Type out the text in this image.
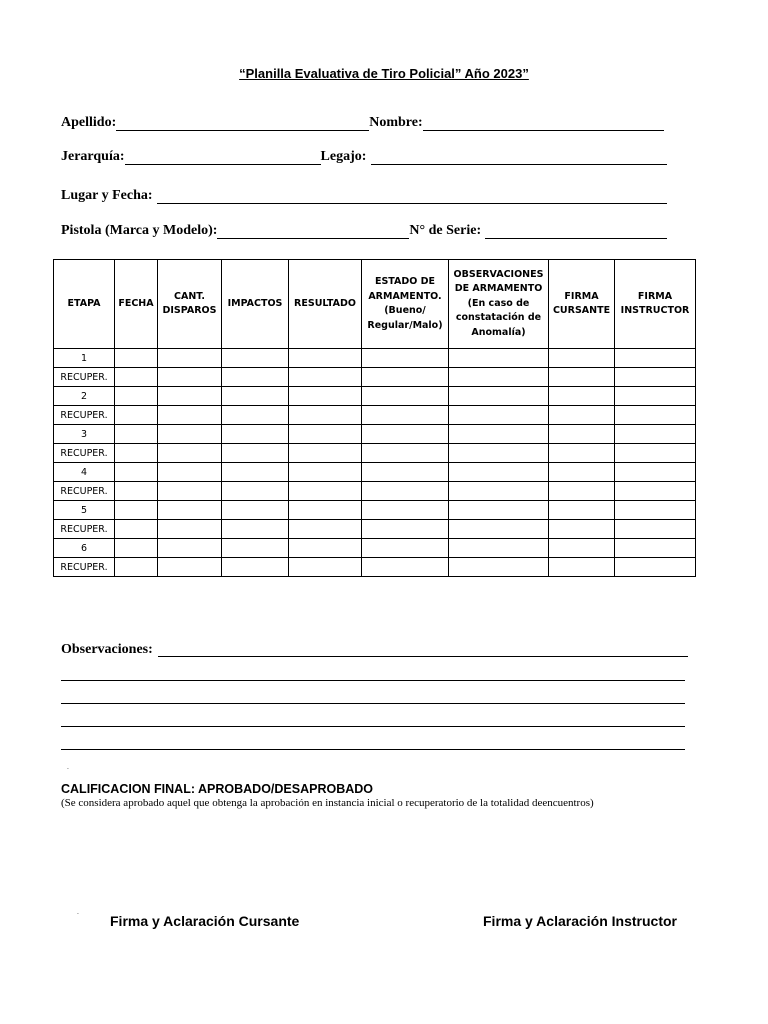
“Planilla Evaluativa de Tiro Policial” Año 2023”
Apellido:	Nombre:
Jerarquía:	Legajo:
Lugar y Fecha:
Pistola (Marca y Modelo):	N° de Serie:
ETAPA	FECHA	CANT. DISPAROS	IMPACTOS	RESULTADO	ESTADO DE ARMAMENTO. (Bueno/ Regular/Malo)	OBSERVACIONES DE ARMAMENTO (En caso de constatación de Anomalía)	FIRMA CURSANTE	FIRMA INSTRUCTOR
1								
RECUPER.								
2								
RECUPER.								
3								
RECUPER.								
4								
RECUPER.								
5								
RECUPER.								
6								
RECUPER.								
Observaciones:
.
CALIFICACION FINAL: APROBADO/DESAPROBADO
(Se considera aprobado aquel que obtenga la aprobación en instancia inicial o recuperatorio de la totalidad deencuentros)
.
Firma y Aclaración Cursante	Firma y Aclaración Instructor
